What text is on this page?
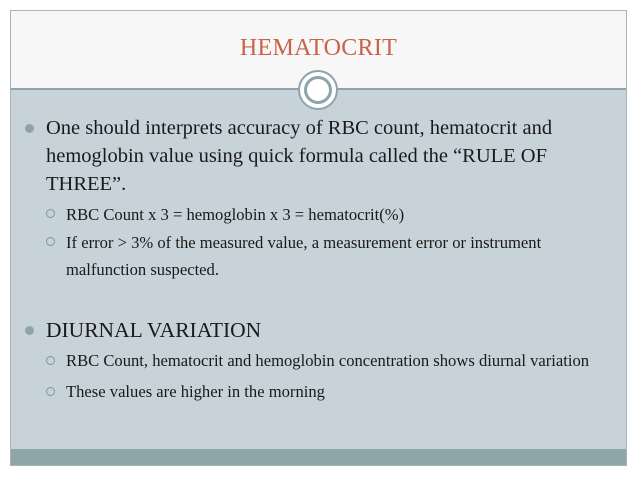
HEMATOCRIT
One should interprets accuracy of RBC count, hematocrit and hemoglobin value using quick formula called the “RULE OF THREE”.
RBC Count x 3 = hemoglobin x 3 = hematocrit(%)
If error > 3% of the measured value, a measurement error or instrument malfunction suspected.
DIURNAL VARIATION
RBC Count, hematocrit and hemoglobin concentration shows diurnal variation
These values are higher in the morning
